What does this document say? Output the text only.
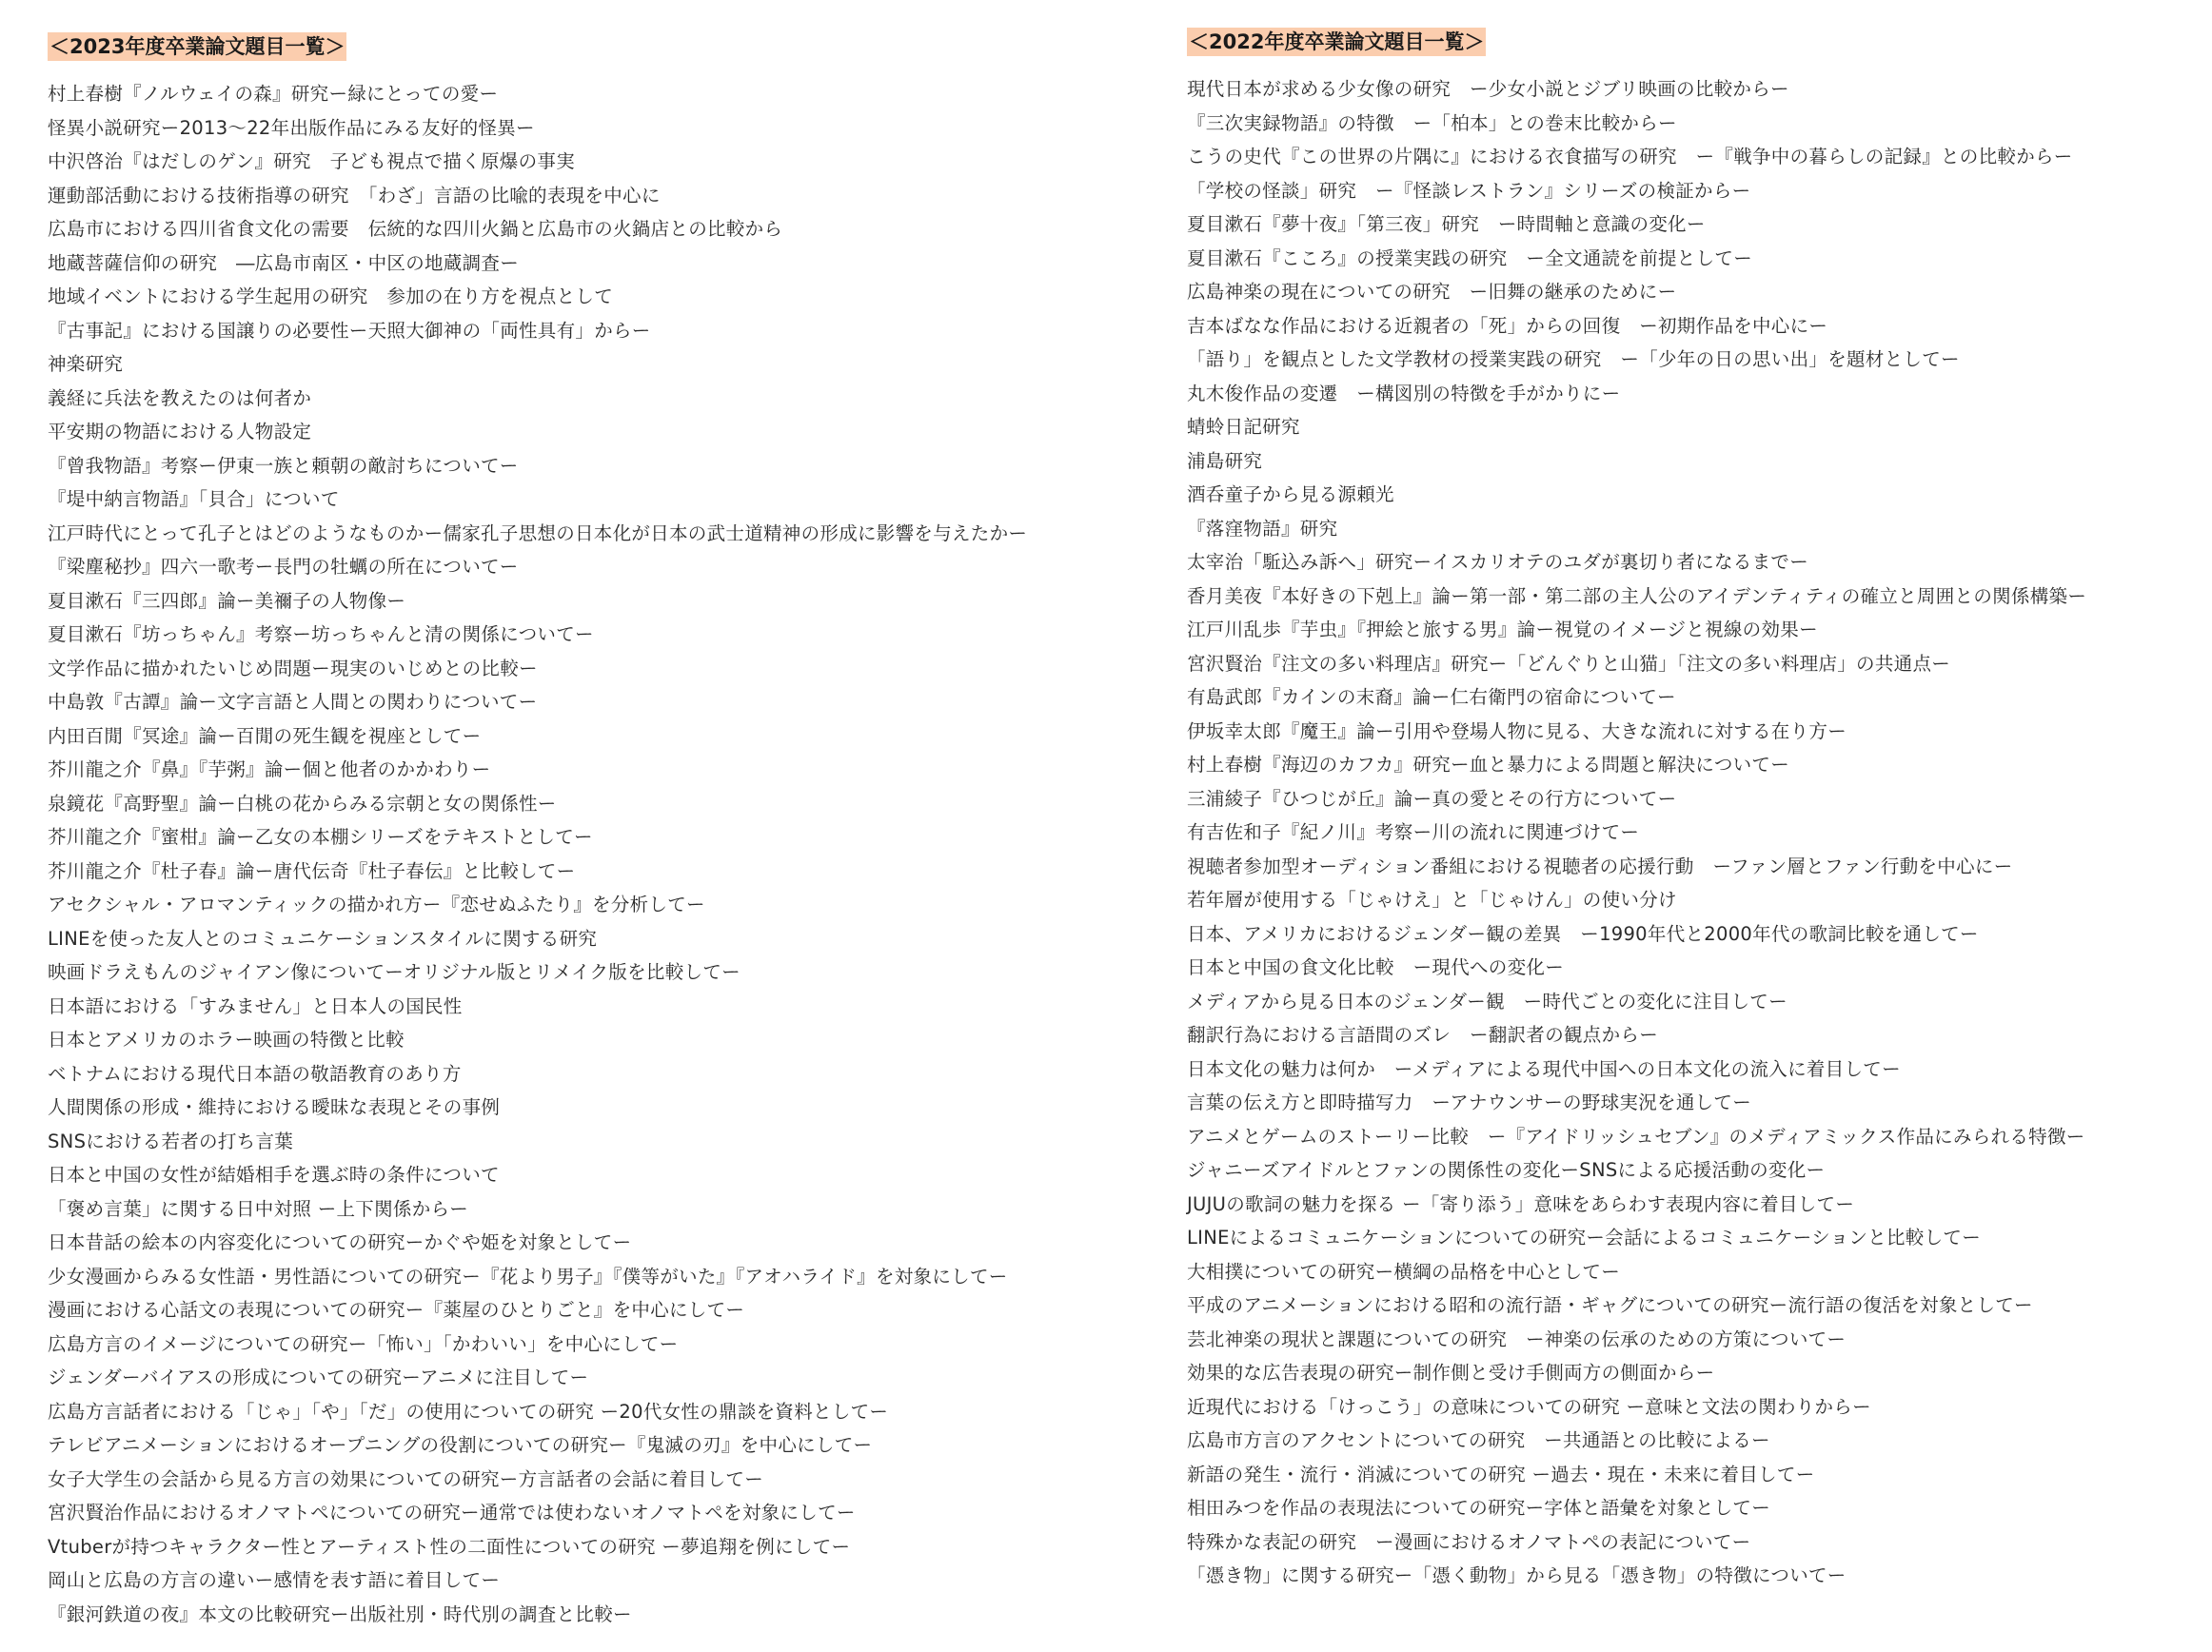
＜2023年度卒業論文題目一覧＞
村上春樹『ノルウェイの森』研究ー緑にとっての愛ー
怪異小説研究ー2013〜22年出版作品にみる友好的怪異ー
中沢啓治『はだしのゲン』研究　子ども視点で描く原爆の事実
運動部活動における技術指導の研究　「わざ」言語の比喩的表現を中心に
広島市における四川省食文化の需要　伝統的な四川火鍋と広島市の火鍋店との比較から
地蔵菩薩信仰の研究　―広島市南区・中区の地蔵調査ー
地域イベントにおける学生起用の研究　参加の在り方を視点として
『古事記』における国譲りの必要性ー天照大御神の「両性具有」からー
神楽研究
義経に兵法を教えたのは何者か
平安期の物語における人物設定
『曾我物語』考察ー伊東一族と頼朝の敵討ちについてー
『堤中納言物語』「貝合」について
江戸時代にとって孔子とはどのようなものかー儒家孔子思想の日本化が日本の武士道精神の形成に影響を与えたかー
『梁塵秘抄』四六一歌考ー長門の牡蠣の所在についてー
夏目漱石『三四郎』論ー美禰子の人物像ー
夏目漱石『坊っちゃん』考察ー坊っちゃんと清の関係についてー
文学作品に描かれたいじめ問題ー現実のいじめとの比較ー
中島敦『古譚』論ー文字言語と人間との関わりについてー
内田百閒『冥途』論ー百閒の死生観を視座としてー
芥川龍之介『鼻』『芋粥』論ー個と他者のかかわりー
泉鏡花『高野聖』論ー白桃の花からみる宗朝と女の関係性ー
芥川龍之介『蜜柑』論ー乙女の本棚シリーズをテキストとしてー
芥川龍之介『杜子春』論ー唐代伝奇『杜子春伝』と比較してー
アセクシャル・アロマンティックの描かれ方ー『恋せぬふたり』を分析してー
LINEを使った友人とのコミュニケーションスタイルに関する研究
映画ドラえもんのジャイアン像についてーオリジナル版とリメイク版を比較してー
日本語における「すみません」と日本人の国民性
日本とアメリカのホラー映画の特徴と比較
ベトナムにおける現代日本語の敬語教育のあり方
人間関係の形成・維持における曖昧な表現とその事例
SNSにおける若者の打ち言葉
日本と中国の女性が結婚相手を選ぶ時の条件について
「褒め言葉」に関する日中対照 ー上下関係からー
日本昔話の絵本の内容変化についての研究ーかぐや姫を対象としてー
少女漫画からみる女性語・男性語についての研究ー『花より男子』『僕等がいた』『アオハライド』を対象にしてー
漫画における心話文の表現についての研究ー『薬屋のひとりごと』を中心にしてー
広島方言のイメージについての研究ー「怖い」「かわいい」を中心にしてー
ジェンダーバイアスの形成についての研究ーアニメに注目してー
広島方言話者における「じゃ」「や」「だ」の使用についての研究 ー20代女性の鼎談を資料としてー
テレビアニメーションにおけるオープニングの役割についての研究ー『鬼滅の刃』を中心にしてー
女子大学生の会話から見る方言の効果についての研究ー方言話者の会話に着目してー
宮沢賢治作品におけるオノマトペについての研究ー通常では使わないオノマトペを対象にしてー
Vtuberが持つキャラクター性とアーティスト性の二面性についての研究 ー夢追翔を例にしてー
岡山と広島の方言の違いー感情を表す語に着目してー
『銀河鉄道の夜』本文の比較研究ー出版社別・時代別の調査と比較ー
＜2022年度卒業論文題目一覧＞
現代日本が求める少女像の研究　ー少女小説とジブリ映画の比較からー
『三次実録物語』の特徴　ー「柏本」との巻末比較からー
こうの史代『この世界の片隅に』における衣食描写の研究　ー『戦争中の暮らしの記録』との比較からー
「学校の怪談」研究　ー『怪談レストラン』シリーズの検証からー
夏目漱石『夢十夜』「第三夜」研究　ー時間軸と意識の変化ー
夏目漱石『こころ』の授業実践の研究　ー全文通読を前提としてー
広島神楽の現在についての研究　ー旧舞の継承のためにー
吉本ばなな作品における近親者の「死」からの回復　ー初期作品を中心にー
「語り」を観点とした文学教材の授業実践の研究　ー「少年の日の思い出」を題材としてー
丸木俊作品の変遷　ー構図別の特徴を手がかりにー
蜻蛉日記研究
浦島研究
酒呑童子から見る源頼光
『落窪物語』研究
太宰治「駈込み訴へ」研究ーイスカリオテのユダが裏切り者になるまでー
香月美夜『本好きの下剋上』論ー第一部・第二部の主人公のアイデンティティの確立と周囲との関係構築ー
江戸川乱歩『芋虫』『押絵と旅する男』論ー視覚のイメージと視線の効果ー
宮沢賢治『注文の多い料理店』研究ー「どんぐりと山猫」「注文の多い料理店」の共通点ー
有島武郎『カインの末裔』論ー仁右衛門の宿命についてー
伊坂幸太郎『魔王』論ー引用や登場人物に見る、大きな流れに対する在り方ー
村上春樹『海辺のカフカ』研究ー血と暴力による問題と解決についてー
三浦綾子『ひつじが丘』論ー真の愛とその行方についてー
有吉佐和子『紀ノ川』考察ー川の流れに関連づけてー
視聴者参加型オーディション番組における視聴者の応援行動　ーファン層とファン行動を中心にー
若年層が使用する「じゃけえ」と「じゃけん」の使い分け
日本、アメリカにおけるジェンダー観の差異　ー1990年代と2000年代の歌詞比較を通してー
日本と中国の食文化比較　ー現代への変化ー
メディアから見る日本のジェンダー観　ー時代ごとの変化に注目してー
翻訳行為における言語間のズレ　ー翻訳者の観点からー
日本文化の魅力は何か　ーメディアによる現代中国への日本文化の流入に着目してー
言葉の伝え方と即時描写力　ーアナウンサーの野球実況を通してー
アニメとゲームのストーリー比較　ー『アイドリッシュセブン』のメディアミックス作品にみられる特徴ー
ジャニーズアイドルとファンの関係性の変化ーSNSによる応援活動の変化ー
JUJUの歌詞の魅力を探る ー「寄り添う」意味をあらわす表現内容に着目してー
LINEによるコミュニケーションについての研究ー会話によるコミュニケーションと比較してー
大相撲についての研究ー横綱の品格を中心としてー
平成のアニメーションにおける昭和の流行語・ギャグについての研究ー流行語の復活を対象としてー
芸北神楽の現状と課題についての研究　ー神楽の伝承のための方策についてー
効果的な広告表現の研究ー制作側と受け手側両方の側面からー
近現代における「けっこう」の意味についての研究 ー意味と文法の関わりからー
広島市方言のアクセントについての研究　ー共通語との比較によるー
新語の発生・流行・消滅についての研究 ー過去・現在・未来に着目してー
相田みつを作品の表現法についての研究ー字体と語彙を対象としてー
特殊かな表記の研究　ー漫画におけるオノマトペの表記についてー
「憑き物」に関する研究ー「憑く動物」から見る「憑き物」の特徴についてー
